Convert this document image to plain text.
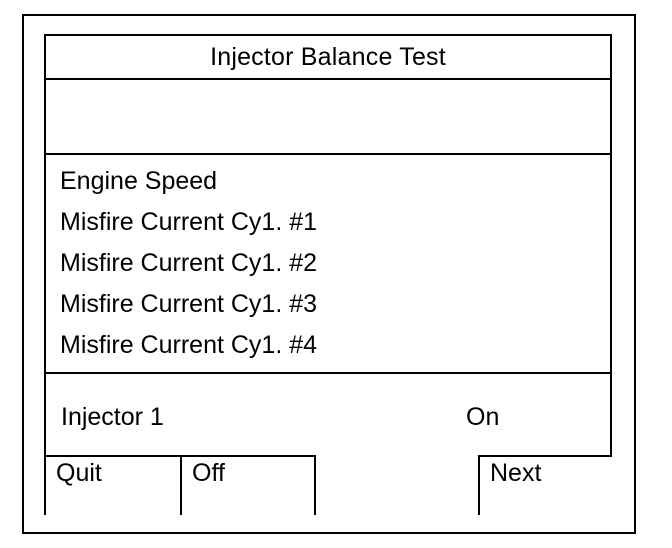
Injector Balance Test
Engine Speed
Misfire Current Cy1. #1
Misfire Current Cy1. #2
Misfire Current Cy1. #3
Misfire Current Cy1. #4
Injector 1	On
Quit	Off	Next
